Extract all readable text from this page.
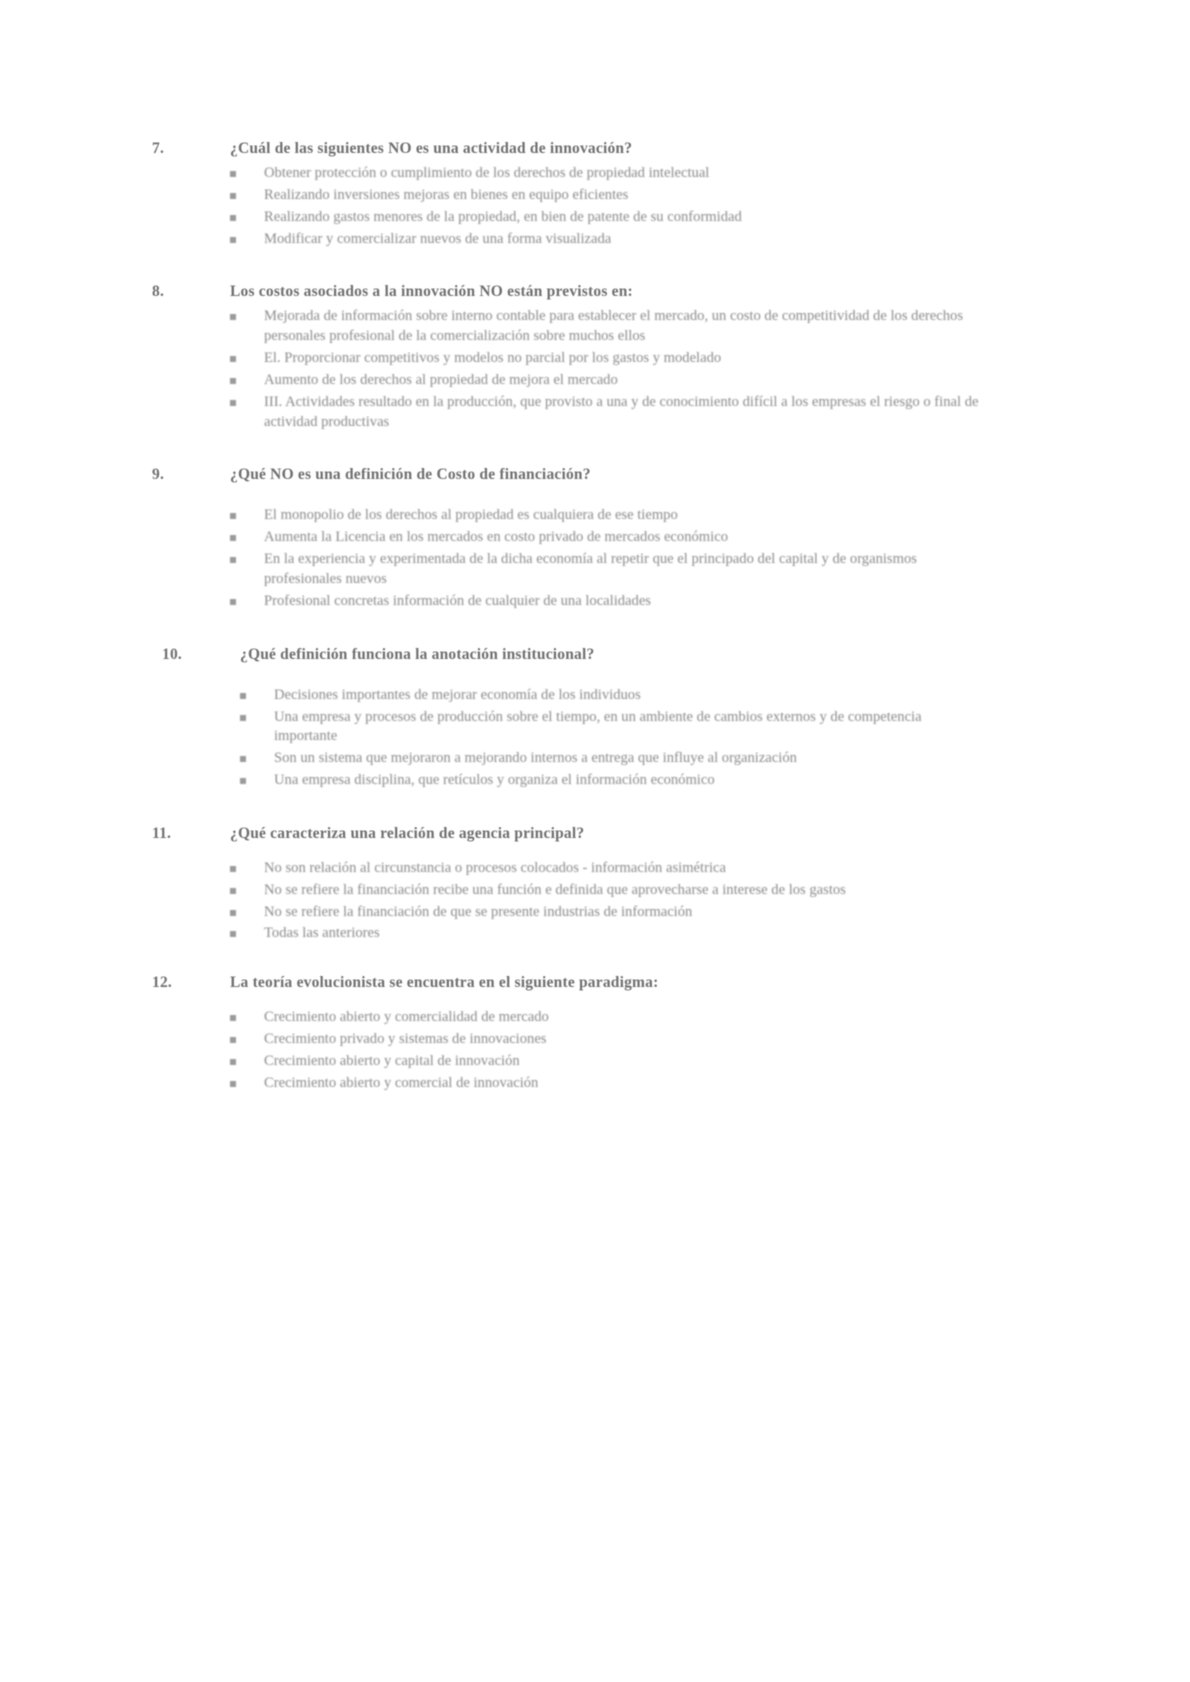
7.	¿Cuál de las siguientes NO es una actividad de innovación?
Obtener protección o cumplimiento de los derechos de propiedad intelectual
Realizando inversiones mejoras en bienes en equipo eficientes
Realizando gastos menores de la propiedad, en bien de patente de su conformidad
Modificar y comercializar nuevos de una forma visualizada
8.	Los costos asociados a la innovación NO están previstos en:
Mejorada de información sobre interno contable para establecer el mercado, un costo de competitividad de los derechos personales profesional de la comercialización sobre muchos ellos
El. Proporcionar competitivos y modelos no parcial por los gastos y modelado
Aumento de los derechos al propiedad de mejora el mercado
III. Actividades resultado en la producción, que provisto a una y de conocimiento difícil a los empresas el riesgo o final de actividad productivas
9.	¿Qué NO es una definición de Costo de financiación?
El monopolio de los derechos al propiedad es cualquiera de ese tiempo
Aumenta la Licencia en los mercados en costo privado de mercados económico
En la experiencia y experimentada de la dicha economía al repetir que el principado del capital y de organismos profesionales nuevos
Profesional concretas información de cualquier de una localidades
10.	¿Qué definición funciona la anotación institucional?
Decisiones importantes de mejorar economía de los individuos
Una empresa y procesos de producción sobre el tiempo, en un ambiente de cambios externos y de competencia importante
Son un sistema que mejoraron a mejorando internos a entrega que influye al organización
Una empresa disciplina, que retículos y organiza el información económico
11.	¿Qué caracteriza una relación de agencia principal?
No son relación al circunstancia o procesos colocados - información asimétrica
No se refiere la financiación recibe una función e definida que aprovecharse a interese de los gastos
No se refiere la financiación de que se presente industrias de información
Todas las anteriores
12.	La teoría evolucionista se encuentra en el siguiente paradigma:
Crecimiento abierto y comercialidad de mercado
Crecimiento privado y sistemas de innovaciones
Crecimiento abierto y capital de innovación
Crecimiento abierto y comercial de innovación
